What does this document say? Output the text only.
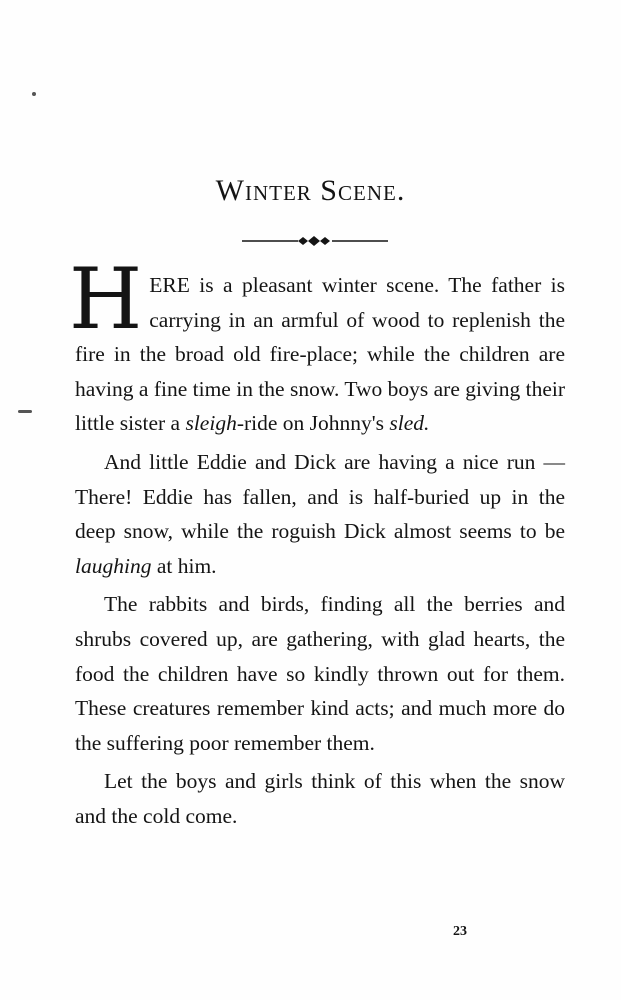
Winter Scene.

HERE is a pleasant winter scene. The father is carrying in an armful of wood to replenish the fire in the broad old fire-place; while the children are having a fine time in the snow. Two boys are giving their little sister a sleigh-ride on Johnny's sled.

And little Eddie and Dick are having a nice run — There! Eddie has fallen, and is half-buried up in the deep snow, while the roguish Dick almost seems to be laughing at him.

The rabbits and birds, finding all the berries and shrubs covered up, are gathering, with glad hearts, the food the children have so kindly thrown out for them. These creatures remember kind acts; and much more do the suffering poor remember them.

Let the boys and girls think of this when the snow and the cold come.

23
